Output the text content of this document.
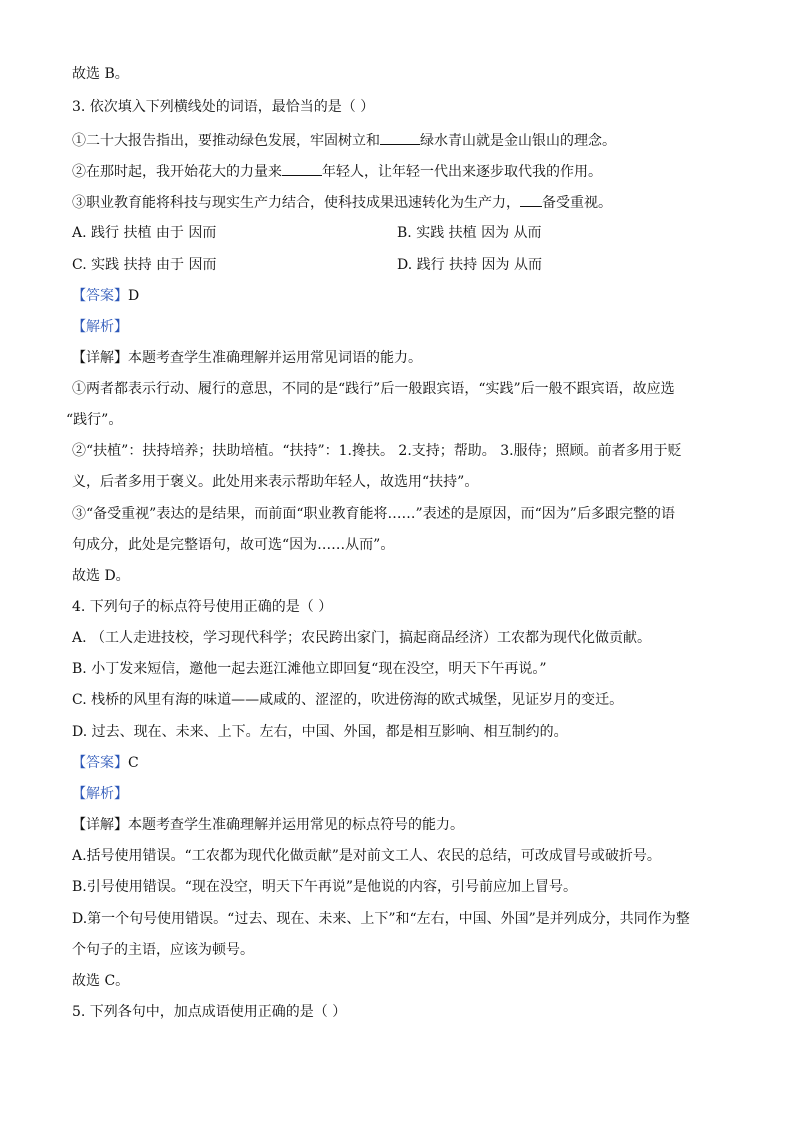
故选 B。
3. 依次填入下列横线处的词语，最恰当的是（ ）
①二十大报告指出，要推动绿色发展，牢固树立和	绿水青山就是金山银山的理念。
②在那时起，我开始花大的力量来	年轻人，让年轻一代出来逐步取代我的作用。
③职业教育能将科技与现实生产力结合，使科技成果迅速转化为生产力， 备受重视。
A. 践行 扶植 由于 因而	B. 实践 扶植 因为 从而
C. 实践 扶持 由于 因而	D. 践行 扶持 因为 从而
【答案】D
【解析】
【详解】本题考查学生准确理解并运用常见词语的能力。
①两者都表示行动、履行的意思，不同的是“践行”后一般跟宾语，“实践”后一般不跟宾语，故应选
“践行”。
②“扶植”：扶持培养；扶助培植。“扶持”：1.搀扶。 2.支持；帮助。 3.服侍；照顾。前者多用于贬
义，后者多用于褒义。此处用来表示帮助年轻人，故选用“扶持”。
③“备受重视”表达的是结果，而前面“职业教育能将……”表述的是原因，而“因为”后多跟完整的语
句成分，此处是完整语句，故可选“因为……从而”。
故选 D。
4. 下列句子的标点符号使用正确的是（ ）
A. （工人走进技校，学习现代科学；农民跨出家门，搞起商品经济）工农都为现代化做贡献。
B. 小丁发来短信，邀他一起去逛江滩他立即回复“现在没空，明天下午再说。”
C. 栈桥的风里有海的味道——咸咸的、涩涩的，吹进傍海的欧式城堡，见证岁月的变迁。
D. 过去、现在、未来、上下。左右，中国、外国，都是相互影响、相互制约的。
【答案】C
【解析】
【详解】本题考查学生准确理解并运用常见的标点符号的能力。
A.括号使用错误。“工农都为现代化做贡献”是对前文工人、农民的总结，可改成冒号或破折号。
B.引号使用错误。“现在没空，明天下午再说”是他说的内容，引号前应加上冒号。
D.第一个句号使用错误。“过去、现在、未来、上下”和“左右，中国、外国”是并列成分，共同作为整
个句子的主语，应该为顿号。
故选 C。
5. 下列各句中，加点成语使用正确的是（ ）
